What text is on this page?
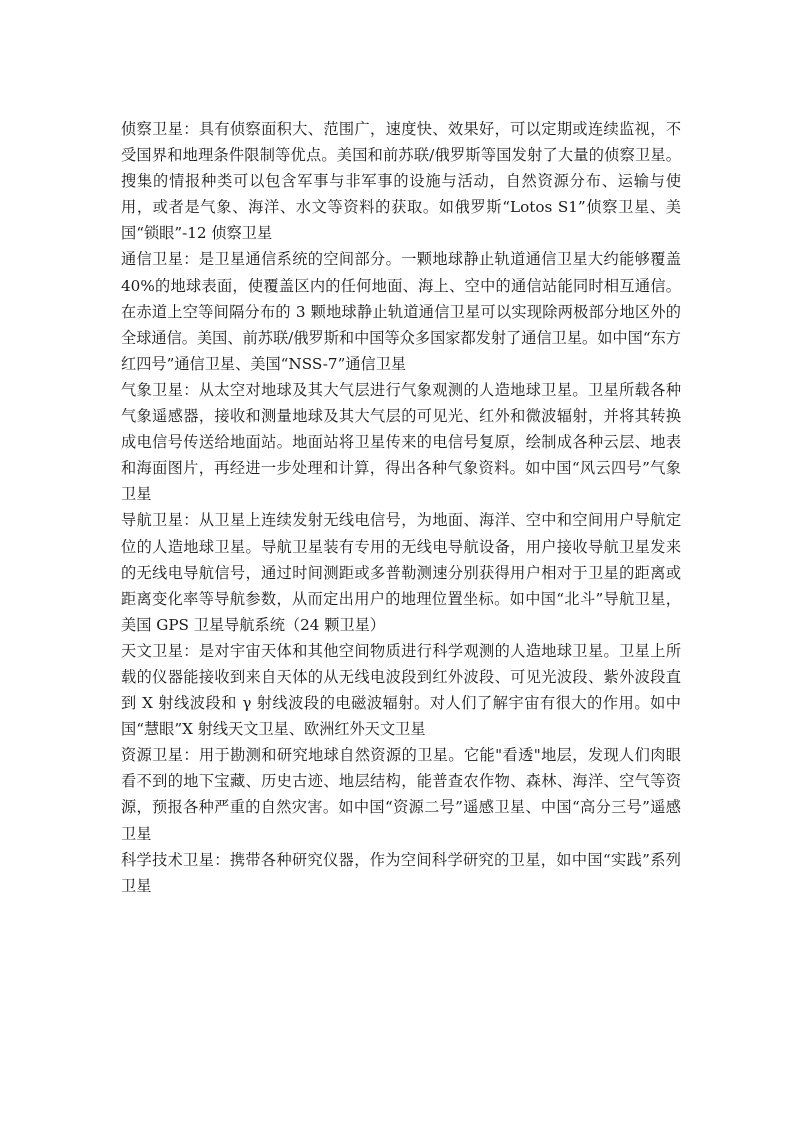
侦察卫星：具有侦察面积大、范围广，速度快、效果好，可以定期或连续监视，不受国界和地理条件限制等优点。美国和前苏联/俄罗斯等国发射了大量的侦察卫星。搜集的情报种类可以包含军事与非军事的设施与活动，自然资源分布、运输与使用，或者是气象、海洋、水文等资料的获取。如俄罗斯“Lotos S1”侦察卫星、美国“锁眼”-12 侦察卫星

通信卫星：是卫星通信系统的空间部分。一颗地球静止轨道通信卫星大约能够覆盖 40%的地球表面，使覆盖区内的任何地面、海上、空中的通信站能同时相互通信。在赤道上空等间隔分布的 3 颗地球静止轨道通信卫星可以实现除两极部分地区外的全球通信。美国、前苏联/俄罗斯和中国等众多国家都发射了通信卫星。如中国“东方红四号”通信卫星、美国“NSS-7”通信卫星

气象卫星：从太空对地球及其大气层进行气象观测的人造地球卫星。卫星所载各种气象遥感器，接收和测量地球及其大气层的可见光、红外和微波辐射，并将其转换成电信号传送给地面站。地面站将卫星传来的电信号复原，绘制成各种云层、地表和海面图片，再经进一步处理和计算，得出各种气象资料。如中国“风云四号”气象卫星

导航卫星：从卫星上连续发射无线电信号，为地面、海洋、空中和空间用户导航定位的人造地球卫星。导航卫星装有专用的无线电导航设备，用户接收导航卫星发来的无线电导航信号，通过时间测距或多普勒测速分别获得用户相对于卫星的距离或距离变化率等导航参数，从而定出用户的地理位置坐标。如中国“北斗”导航卫星，美国 GPS 卫星导航系统（24 颗卫星）

天文卫星：是对宇宙天体和其他空间物质进行科学观测的人造地球卫星。卫星上所载的仪器能接收到来自天体的从无线电波段到红外波段、可见光波段、紫外波段直到 X 射线波段和 γ 射线波段的电磁波辐射。对人们了解宇宙有很大的作用。如中国“慧眼”X 射线天文卫星、欧洲红外天文卫星

资源卫星：用于勘测和研究地球自然资源的卫星。它能"看透"地层，发现人们肉眼看不到的地下宝藏、历史古迹、地层结构，能普查农作物、森林、海洋、空气等资源，预报各种严重的自然灾害。如中国“资源二号”遥感卫星、中国“高分三号”遥感卫星

科学技术卫星：携带各种研究仪器，作为空间科学研究的卫星，如中国“实践”系列卫星
